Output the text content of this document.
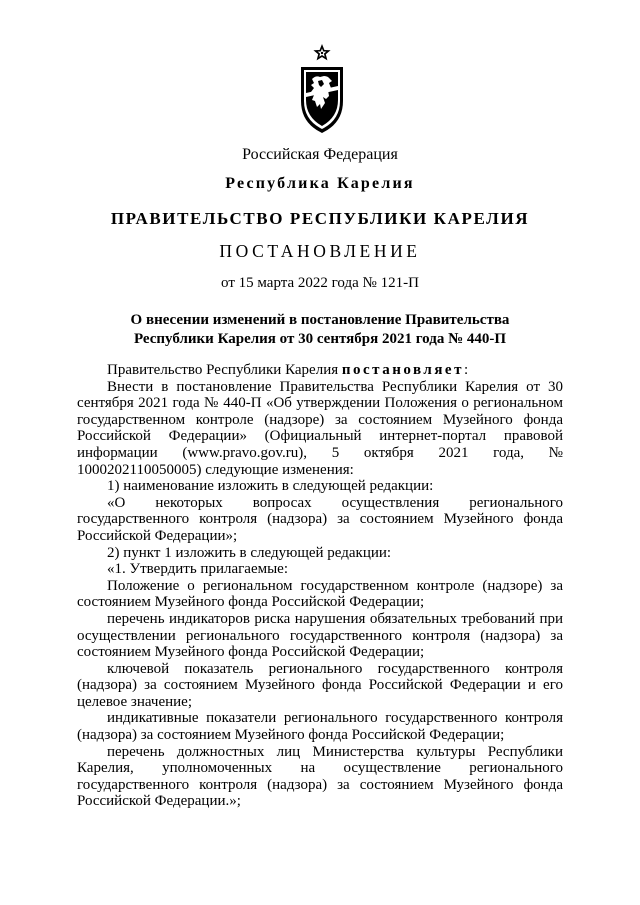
Российская Федерация
Республика Карелия
ПРАВИТЕЛЬСТВО РЕСПУБЛИКИ КАРЕЛИЯ
ПОСТАНОВЛЕНИЕ
от 15 марта 2022 года № 121-П
О внесении изменений в постановление Правительства
Республики Карелия от 30 сентября 2021 года № 440-П

Правительство Республики Карелия постановляет:

Внести в постановление Правительства Республики Карелия от 30 сентября 2021 года № 440-П «Об утверждении Положения о региональном государственном контроле (надзоре) за состоянием Музейного фонда Российской Федерации» (Официальный интернет-портал правовой информации (www.pravo.gov.ru), 5 октября 2021 года, № 1000202110050005) следующие изменения:

1) наименование изложить в следующей редакции:

«О некоторых вопросах осуществления регионального государственного контроля (надзора) за состоянием Музейного фонда Российской Федерации»;

2) пункт 1 изложить в следующей редакции:

«1. Утвердить прилагаемые:

Положение о региональном государственном контроле (надзоре) за состоянием Музейного фонда Российской Федерации;

перечень индикаторов риска нарушения обязательных требований при осуществлении регионального государственного контроля (надзора) за состоянием Музейного фонда Российской Федерации;

ключевой показатель регионального государственного контроля (надзора) за состоянием Музейного фонда Российской Федерации и его целевое значение;

индикативные показатели регионального государственного контроля (надзора) за состоянием Музейного фонда Российской Федерации;

перечень должностных лиц Министерства культуры Республики Карелия, уполномоченных на осуществление регионального государственного контроля (надзора) за состоянием Музейного фонда Российской Федерации.»;
